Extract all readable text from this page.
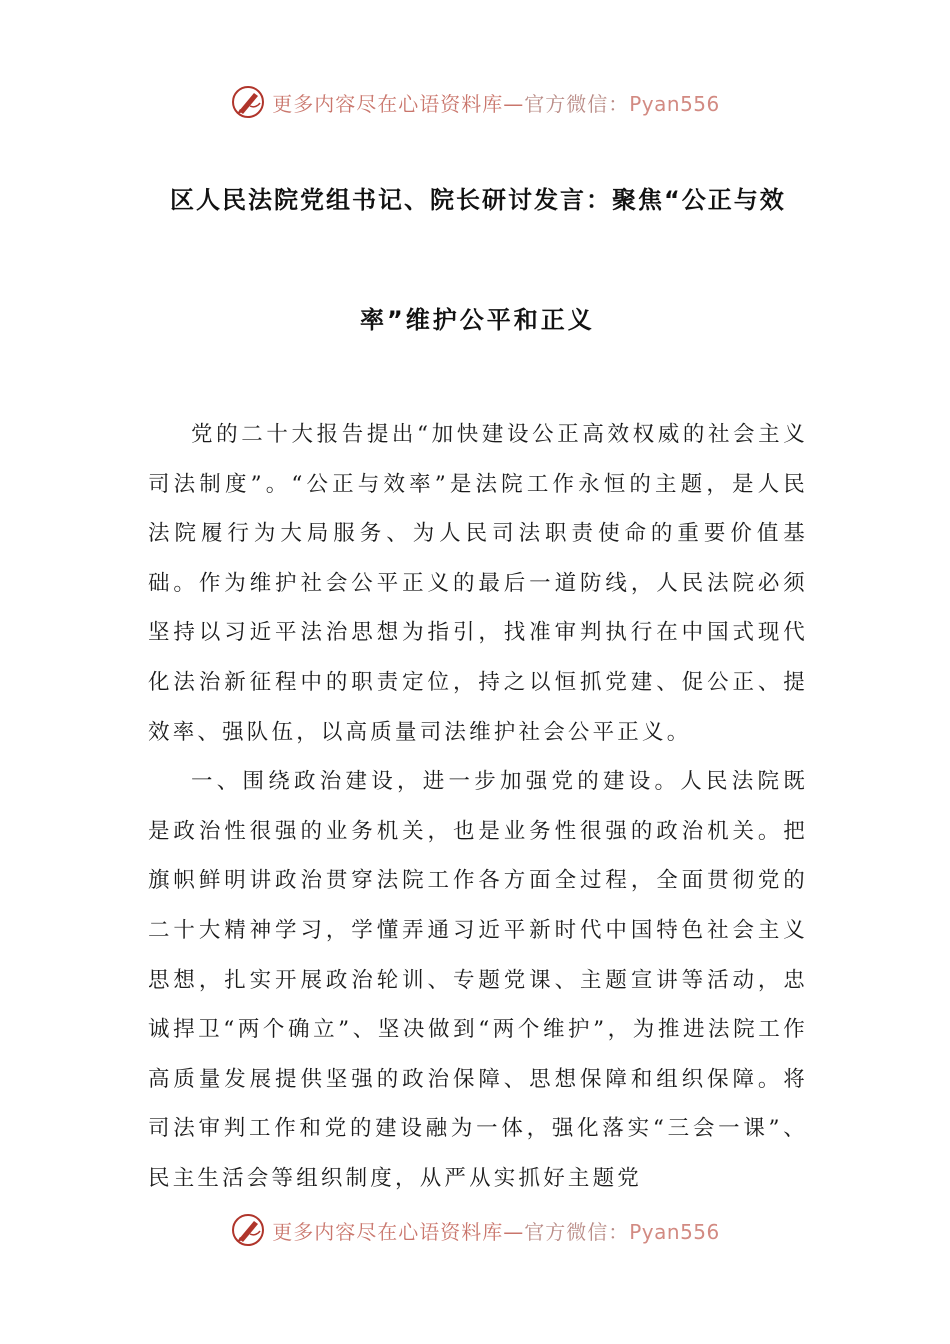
更多内容尽在心语资料库—官方微信：Pyan556
区人民法院党组书记、院长研讨发言：聚焦“公正与效
率”维护公平和正义

党的二十大报告提出“加快建设公正高效权威的社会主义司法制度”。“公正与效率”是法院工作永恒的主题，是人民法院履行为大局服务、为人民司法职责使命的重要价值基础。作为维护社会公平正义的最后一道防线，人民法院必须坚持以习近平法治思想为指引，找准审判执行在中国式现代化法治新征程中的职责定位，持之以恒抓党建、促公正、提效率、强队伍，以高质量司法维护社会公平正义。

一、围绕政治建设，进一步加强党的建设。人民法院既是政治性很强的业务机关，也是业务性很强的政治机关。把旗帜鲜明讲政治贯穿法院工作各方面全过程，全面贯彻党的二十大精神学习，学懂弄通习近平新时代中国特色社会主义思想，扎实开展政治轮训、专题党课、主题宣讲等活动，忠诚捍卫“两个确立”、坚决做到“两个维护”，为推进法院工作高质量发展提供坚强的政治保障、思想保障和组织保障。将司法审判工作和党的建设融为一体，强化落实“三会一课”、民主生活会等组织制度，从严从实抓好主题党

更多内容尽在心语资料库—官方微信：Pyan556
